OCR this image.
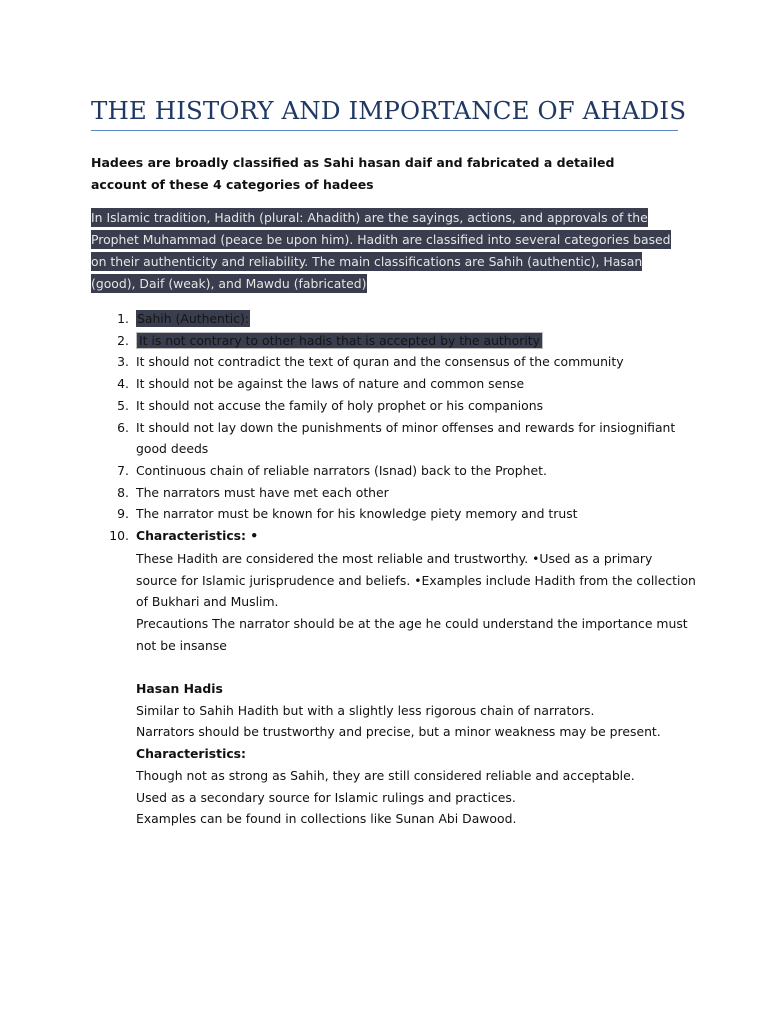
THE HISTORY AND IMPORTANCE OF AHADIS
Hadees are broadly classified as Sahi hasan daif and fabricated a detailed account of these 4 categories of hadees
In Islamic tradition, Hadith (plural: Ahadith) are the sayings, actions, and approvals of the Prophet Muhammad (peace be upon him). Hadith are classified into several categories based on their authenticity and reliability. The main classifications are Sahih (authentic), Hasan (good), Daif (weak), and Mawdu (fabricated)
1. Sahih (Authentic):
2. It is not contrary to other hadis that is accepted by the authority
3. It should not contradict the text of quran and the consensus of the community
4. It should not be against the laws of nature and common sense
5. It should not accuse the family of holy prophet or his companions
6. It should not lay down the punishments of minor offenses and rewards for insiognifiant good deeds
7. Continuous chain of reliable narrators (Isnad) back to the Prophet.
8. The narrators must have met each other
9. The narrator must be known for his knowledge piety memory and trust
10. Characteristics: •
These Hadith are considered the most reliable and trustworthy. •Used as a primary source for Islamic jurisprudence and beliefs. •Examples include Hadith from the collection of Bukhari and Muslim.
Precautions The narrator should be at the age he could understand the importance must not be insanse
Hasan Hadis
Similar to Sahih Hadith but with a slightly less rigorous chain of narrators.
Narrators should be trustworthy and precise, but a minor weakness may be present.
Characteristics:
Though not as strong as Sahih, they are still considered reliable and acceptable.
Used as a secondary source for Islamic rulings and practices.
Examples can be found in collections like Sunan Abi Dawood.
